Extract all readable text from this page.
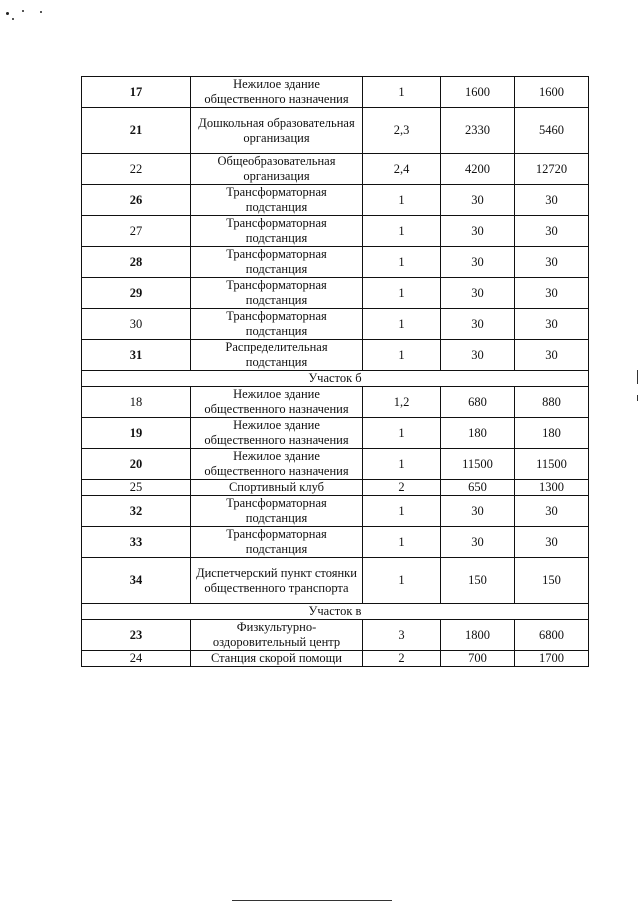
17	Нежилое здание общественного назначения	1	1600	1600
21	Дошкольная образовательная организация	2,3	2330	5460
22	Общеобразовательная организация	2,4	4200	12720
26	Трансформаторная подстанция	1	30	30
27	Трансформаторная подстанция	1	30	30
28	Трансформаторная подстанция	1	30	30
29	Трансформаторная подстанция	1	30	30
30	Трансформаторная подстанция	1	30	30
31	Распределительная подстанция	1	30	30
Участок б				
18	Нежилое здание общественного назначения	1,2	680	880
19	Нежилое здание общественного назначения	1	180	180
20	Нежилое здание общественного назначения	1	11500	11500
25	Спортивный клуб	2	650	1300
32	Трансформаторная подстанция	1	30	30
33	Трансформаторная подстанция	1	30	30
34	Диспетчерский пункт стоянки общественного транспорта	1	150	150
Участок в				
23	Физкультурно-оздоровительный центр	3	1800	6800
24	Станция скорой помощи	2	700	1700
